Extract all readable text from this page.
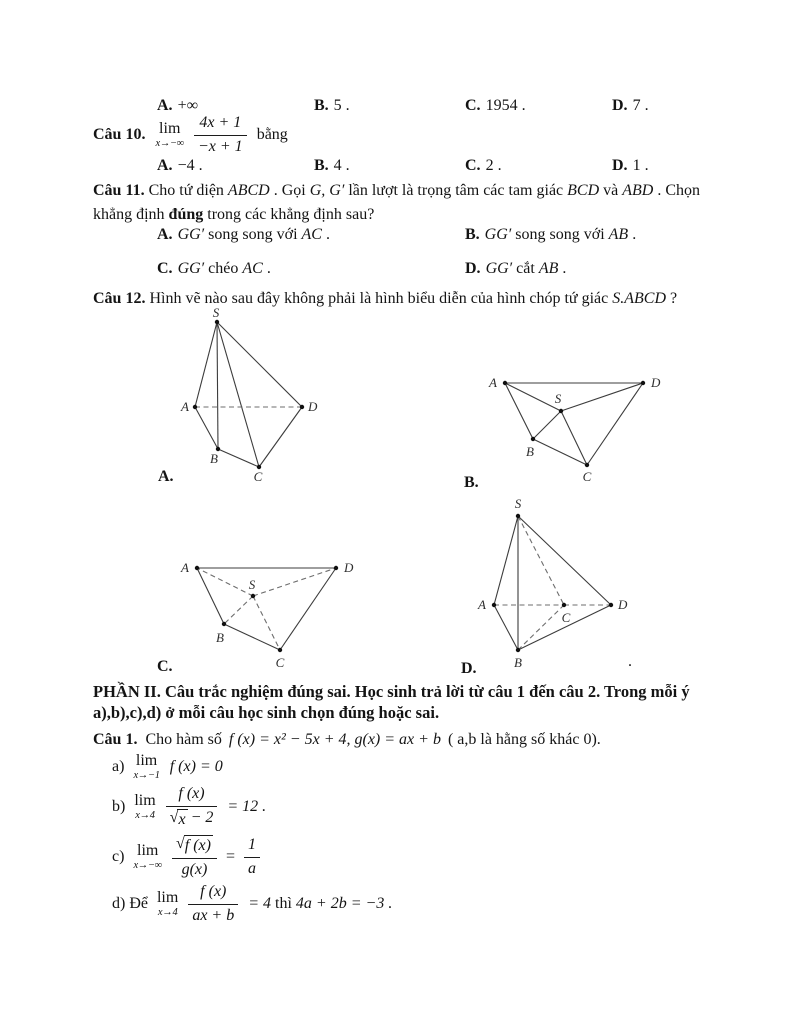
A. +∞	B. 5 .	C. 1954 .	D. 7 .
Câu 10. lim
$x\to-\infty \frac{4x + 1}{-x + 1}$ bằng
A. −4 .	B. 4 .	C. 2 .	D. 1 .
Câu 11. Cho tứ diện ABCD . Gọi G, G′ lần lượt là trọng tâm các tam giác BCD và ABD . Chọn khẳng định đúng trong các khẳng định sau?
A. GG′ song song với AC .	B. GG′ song song với AB .
C. GG′ chéo AC .	D. GG′ cắt AB .
Câu 12. Hình vẽ nào sau đây không phải là hình biểu diễn của hình chóp tứ giác S.ABCD ?
S
A	D
B
C
A.
A	D
S
B
C
B.
A	D
S
B
C
C.
S
A	D
C
B
D.	.
PHẦN II. Câu trắc nghiệm đúng sai. Học sinh trả lời từ câu 1 đến câu 2. Trong mỗi ý
a),b),c),d) ở mỗi câu học sinh chọn đúng hoặc sai.
Câu 1. Cho hàm số f (x) = x² − 5x + 4, g(x) = ax + b ( a,b là hằng số khác 0).
a) lim
x→−1
f (x) = 0
b) lim
$x\to 4 \frac{f (x)}{√ x - 2} = 12$ .
c) lim
$x\to-\infty \frac{√ f (x)}{g(x)} = \frac{1}{a}$
d) Để lim
$x\to 4 \frac{f (x)}{ax + b} = 4$ thì 4a + 2b = −3 .
